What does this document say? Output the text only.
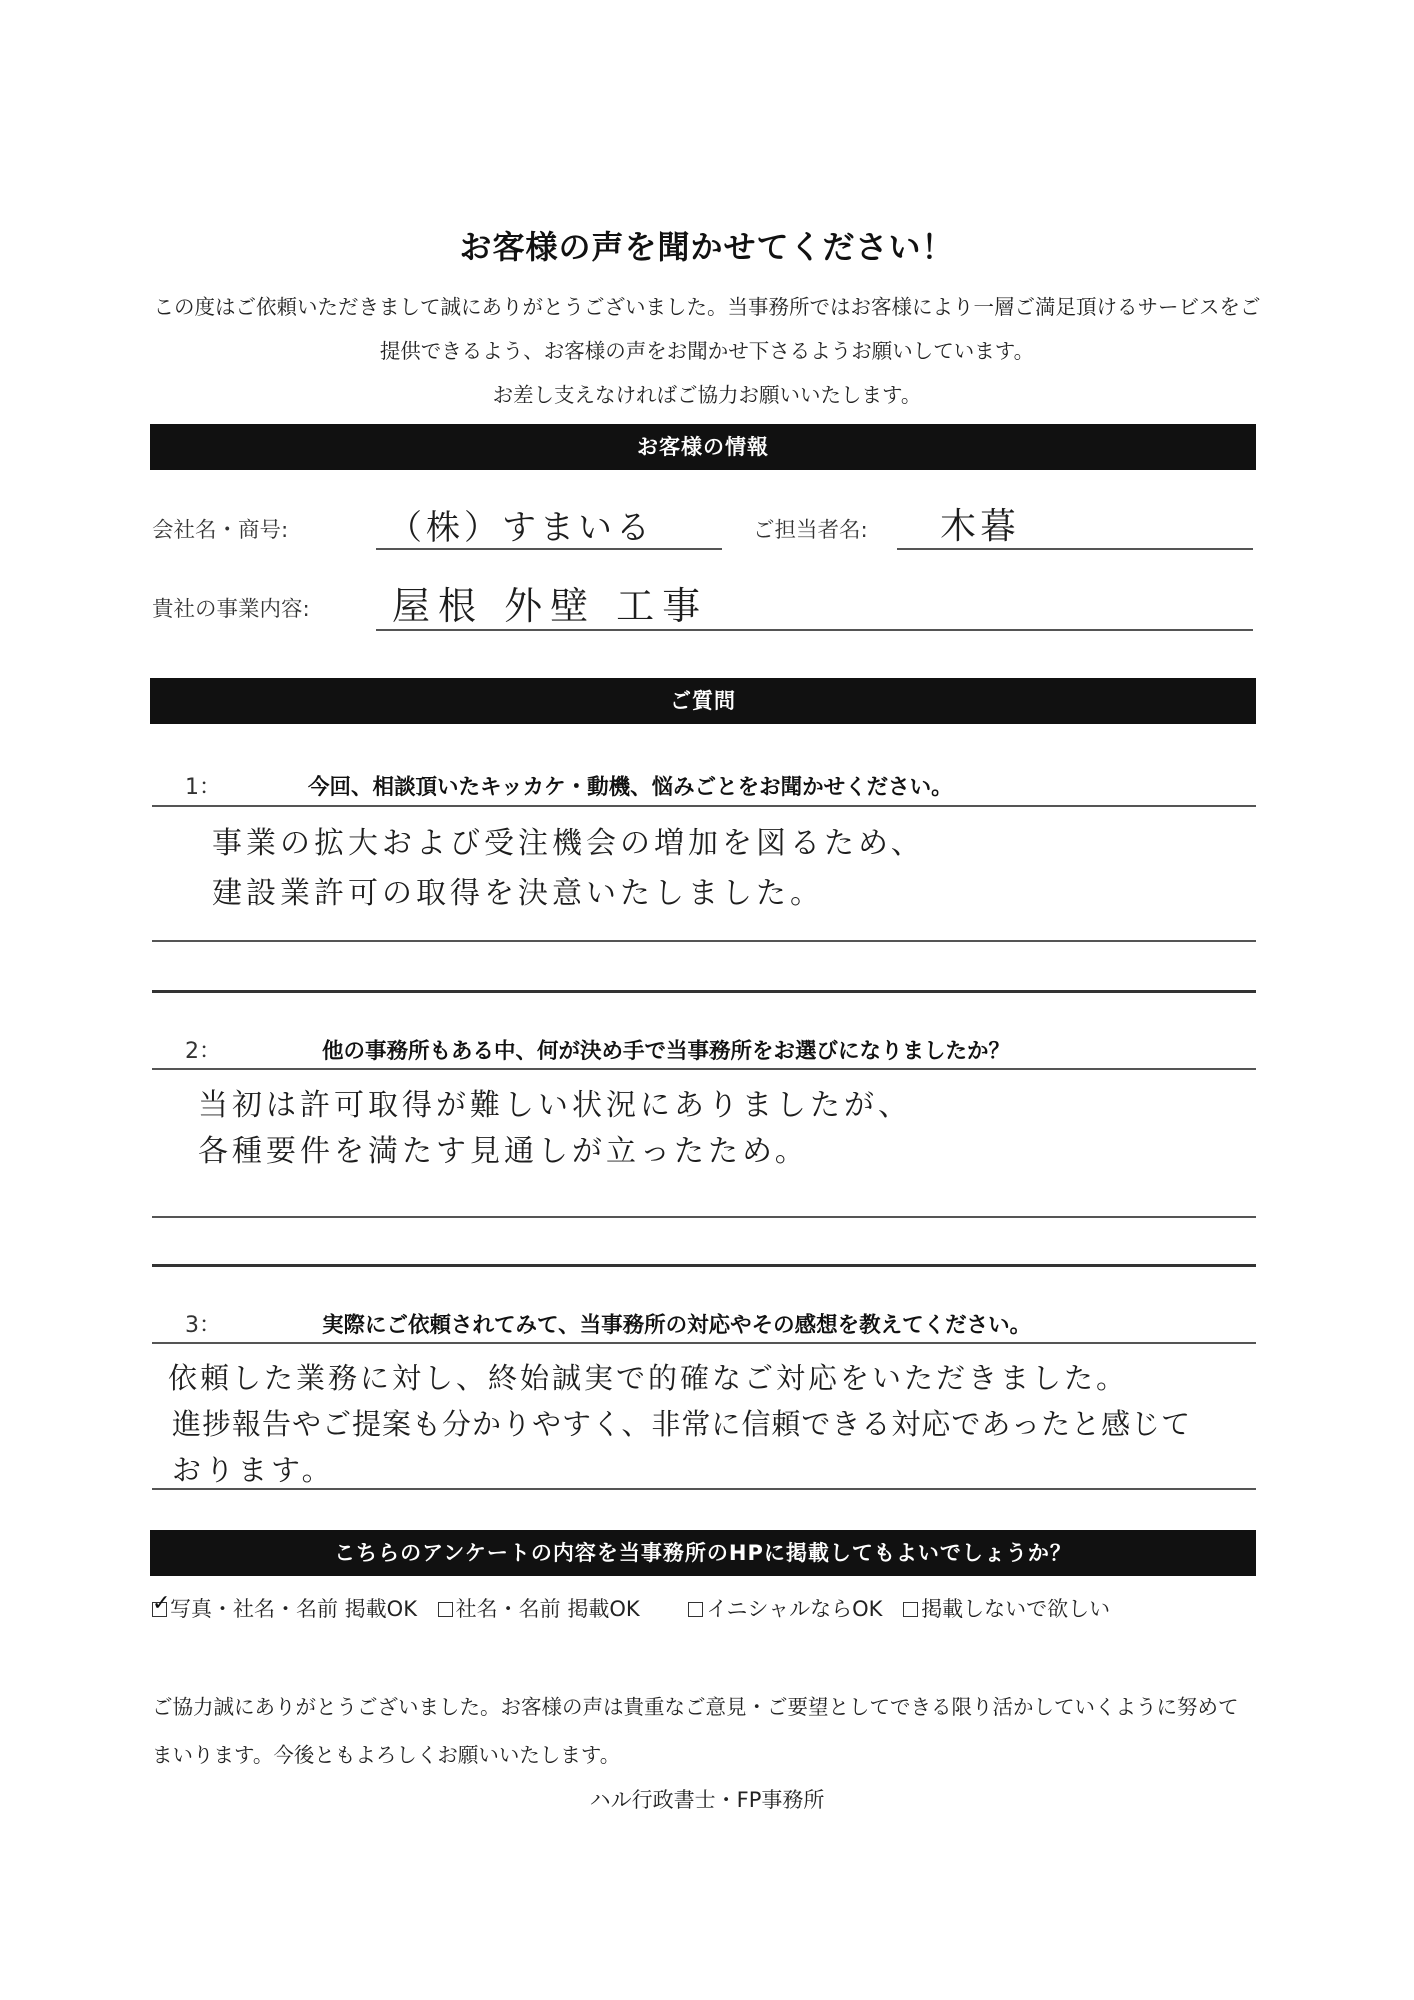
お客様の声を聞かせてください！
この度はご依頼いただきまして誠にありがとうございました。当事務所ではお客様により一層ご満足頂けるサービスをご
提供できるよう、お客様の声をお聞かせ下さるようお願いしています。
お差し支えなければご協力お願いいたします。
お客様の情報
会社名・商号:	（株）すまいる	ご担当者名: 木暮
貴社の事業内容: 屋根 外壁 工事
ご質問
1：	今回、相談頂いたキッカケ・動機、悩みごとをお聞かせください。
事業の拡大および受注機会の増加を図るため、
建設業許可の取得を決意いたしました。
2：	他の事務所もある中、何が決め手で当事務所をお選びになりましたか？
当初は許可取得が難しい状況にありましたが、
各種要件を満たす見通しが立ったため。
3：	実際にご依頼されてみて、当事務所の対応やその感想を教えてください。
依頼した業務に対し、終始誠実で的確なご対応をいただきました。
進捗報告やご提案も分かりやすく、非常に信頼できる対応であったと感じて
おります。
こちらのアンケートの内容を当事務所のHPに掲載してもよいでしょうか？
✓ 写真・社名・名前 掲載OK 社名・名前 掲載OK	イニシャルならOK 掲載しないで欲しい
ご協力誠にありがとうございました。お客様の声は貴重なご意見・ご要望としてできる限り活かしていくように努めて
まいります。今後ともよろしくお願いいたします。
ハル行政書士・FP事務所
